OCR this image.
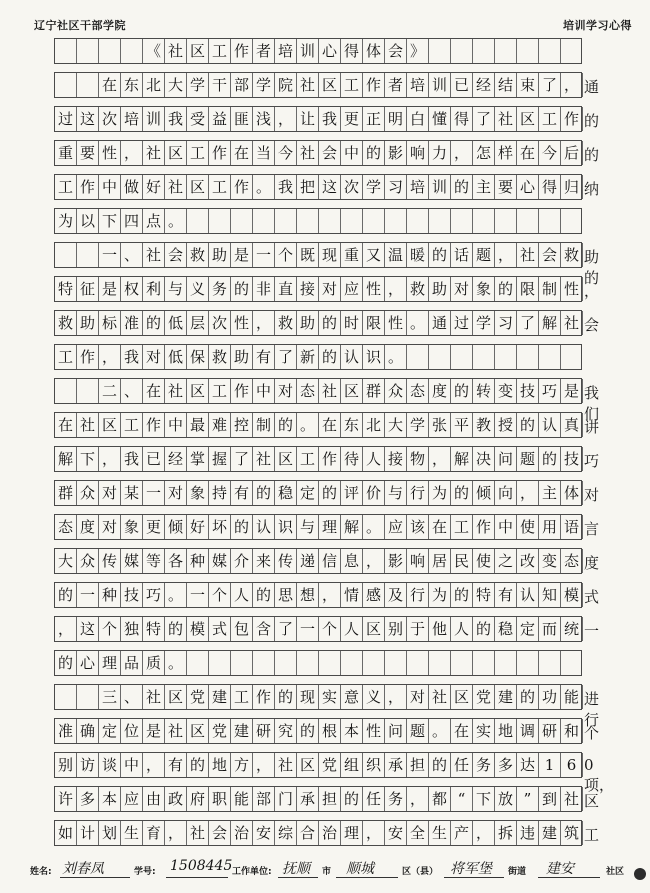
辽宁社区干部学院	培训学习心得
《 社 区 工 作 者 培 训 心 得 体 会 》
在 东 北 大 学 干 部 学 院 社 区 工 作 者 培 训 已 经 结 束 了 ， 通
过 这 次 培 训 我 受 益 匪 浅 ， 让 我 更 正 明 白 懂 得 了 社 区 工 作 的
重 要 性 ， 社 区 工 作 在 当 今 社 会 中 的 影 响 力 ， 怎 样 在 今 后 的
工 作 中 做 好 社 区 工 作 。 我 把 这 次 学 习 培 训 的 主 要 心 得 归 纳
为 以 下 四 点 。
一 、 社 会 救 助 是 一 个 既 现 重 又 温 暖 的 话 题 ， 社 会 救 助的
特 征 是 权 利 与 义 务 的 非 直 接 对 应 性 ， 救 助 对 象 的 限 制 性 ，
救 助 标 准 的 低 层 次 性 ， 救 助 的 时 限 性 。 通 过 学 习 了 解 社 会
工 作 ， 我 对 低 保 救 助 有 了 新 的 认 识 。
二 、 在 社 区 工 作 中 对 态 社 区 群 众 态 度 的 转 变 技 巧 是 我们
在 社 区 工 作 中 最 难 控 制 的 。 在 东 北 大 学 张 平 教 授 的 认 真 讲
解 下 ， 我 已 经 掌 握 了 社 区 工 作 待 人 接 物 ， 解 决 问 题 的 技 巧
群 众 对 某 一 对 象 持 有 的 稳 定 的 评 价 与 行 为 的 倾 向 ， 主 体 对
态 度 对 象 更 倾 好 坏 的 认 识 与 理 解 。 应 该 在 工 作 中 使 用 语 言
大 众 传 媒 等 各 种 媒 介 来 传 递 信 息 ， 影 响 居 民 使 之 改 变 态 度
的 一 种 技 巧 。 一 个 人 的 思 想 ， 情 感 及 行 为 的 特 有 认 知 模 式
， 这 个 独 特 的 模 式 包 含 了 一 个 人 区 别 于 他 人 的 稳 定 而 统 一
的 心 理 品 质 。
三 、 社 区 党 建 工 作 的 现 实 意 义 ， 对 社 区 党 建 的 功 能 进行
准 确 定 位 是 社 区 党 建 研 究 的 根 本 性 问 题 。 在 实 地 调 研 和 个
别 访 谈 中 ， 有 的 地 方 ， 社 区 党 组 织 承 担 的 任 务 多 达 1 6 0项，
许 多 本 应 由 政 府 职 能 部 门 承 担 的 任 务 ， 都 “ 下 放 ” 到 社 区
如 计 划 生 育 ， 社 会 治 安 综 合 治 理 ， 安 全 生 产 ， 拆 违 建 筑 工
姓名: 刘春凤	学号: 1508445 工作单位: 抚顺 市 顺城	区（县） 将军堡 街道 建安	社区
